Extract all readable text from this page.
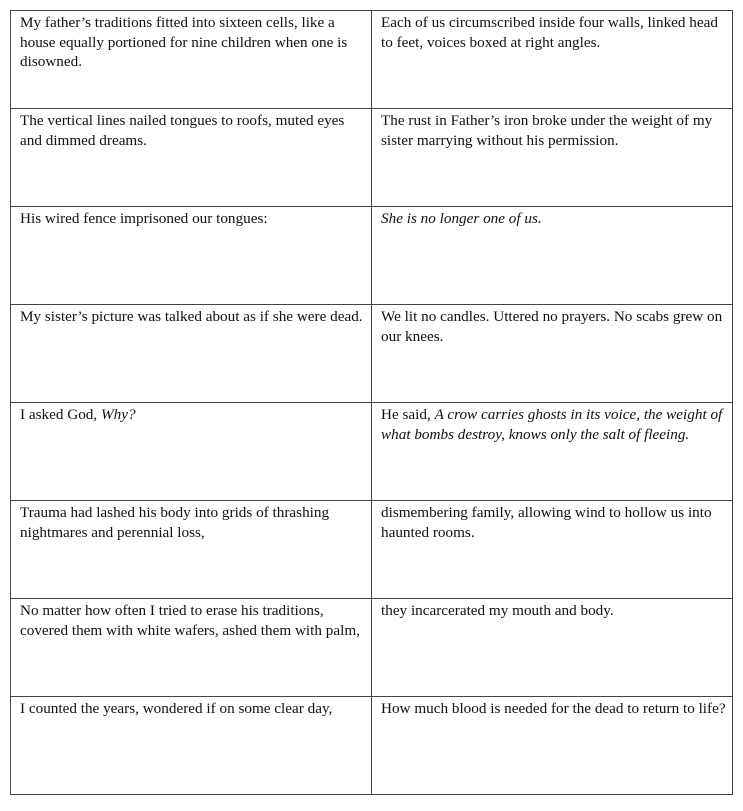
My father’s traditions fitted into sixteen cells, like a house equally portioned for nine children when one is disowned.	Each of us circumscribed inside four walls, linked head to feet, voices boxed at right angles.
The vertical lines nailed tongues to roofs, muted eyes and dimmed dreams.	The rust in Father’s iron broke under the weight of my sister marrying without his permission.
His wired fence imprisoned our tongues:	She is no longer one of us.
My sister’s picture was talked about as if she were dead.	We lit no candles. Uttered no prayers. No scabs grew on our knees.
I asked God, Why?	He said, A crow carries ghosts in its voice, the weight of what bombs destroy, knows only the salt of fleeing.
Trauma had lashed his body into grids of thrashing nightmares and perennial loss,	dismembering family, allowing wind to hollow us into haunted rooms.
No matter how often I tried to erase his traditions, covered them with white wafers, ashed them with palm,	they incarcerated my mouth and body.
I counted the years, wondered if on some clear day,	How much blood is needed for the dead to return to life?
